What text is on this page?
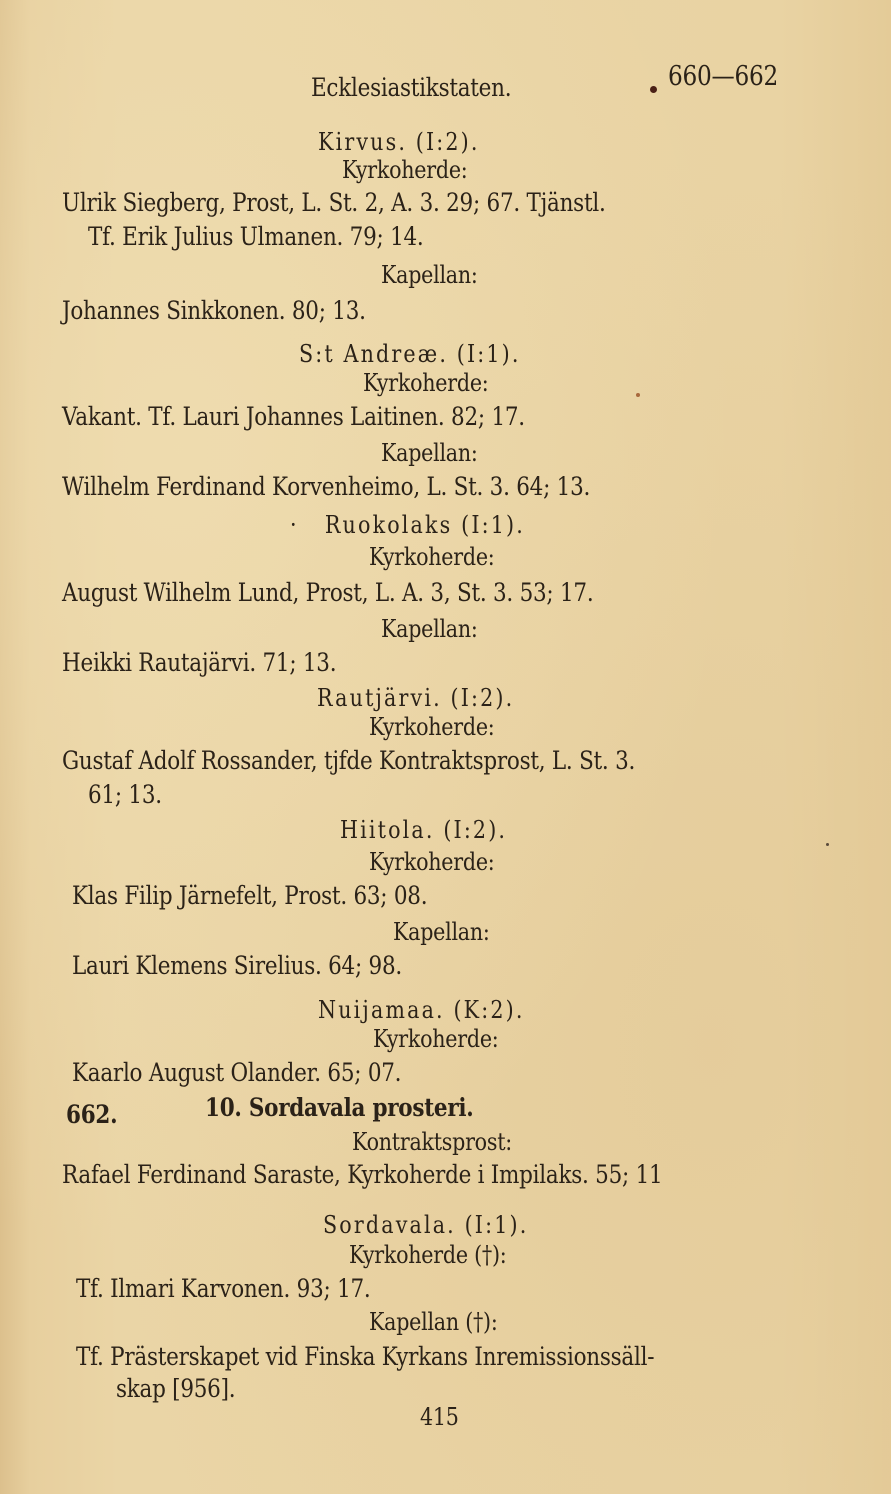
Ecklesiastikstaten.	660—662
Kirvus. (I:2).
Kyrkoherde:
Ulrik Siegberg, Prost, L. St. 2, A. 3. 29; 67. Tjänstl.
Tf. Erik Julius Ulmanen. 79; 14.
Kapellan:
Johannes Sinkkonen. 80; 13.
S:t Andreæ. (I:1).
Kyrkoherde:
Vakant. Tf. Lauri Johannes Laitinen. 82; 17.
Kapellan:
Wilhelm Ferdinand Korvenheimo, L. St. 3. 64; 13.
·   Ruokolaks (I:1).
Kyrkoherde:
August Wilhelm Lund, Prost, L. A. 3, St. 3. 53; 17.
Kapellan:
Heikki Rautajärvi. 71; 13.
Rautjärvi. (I:2).
Kyrkoherde:
Gustaf Adolf Rossander, tjfde Kontraktsprost, L. St. 3.
61; 13.
Hiitola. (I:2).
Kyrkoherde:
Klas Filip Järnefelt, Prost. 63; 08.
Kapellan:
Lauri Klemens Sirelius. 64; 98.
Nuijamaa. (K:2).
Kyrkoherde:
Kaarlo August Olander. 65; 07.
662.	10. Sordavala prosteri.
Kontraktsprost:
Rafael Ferdinand Saraste, Kyrkoherde i Impilaks. 55; 11
Sordavala. (I:1).
Kyrkoherde (†):
Tf. Ilmari Karvonen. 93; 17.
Kapellan (†):
Tf. Prästerskapet vid Finska Kyrkans Inremissionssäll-
skap [956].
415
